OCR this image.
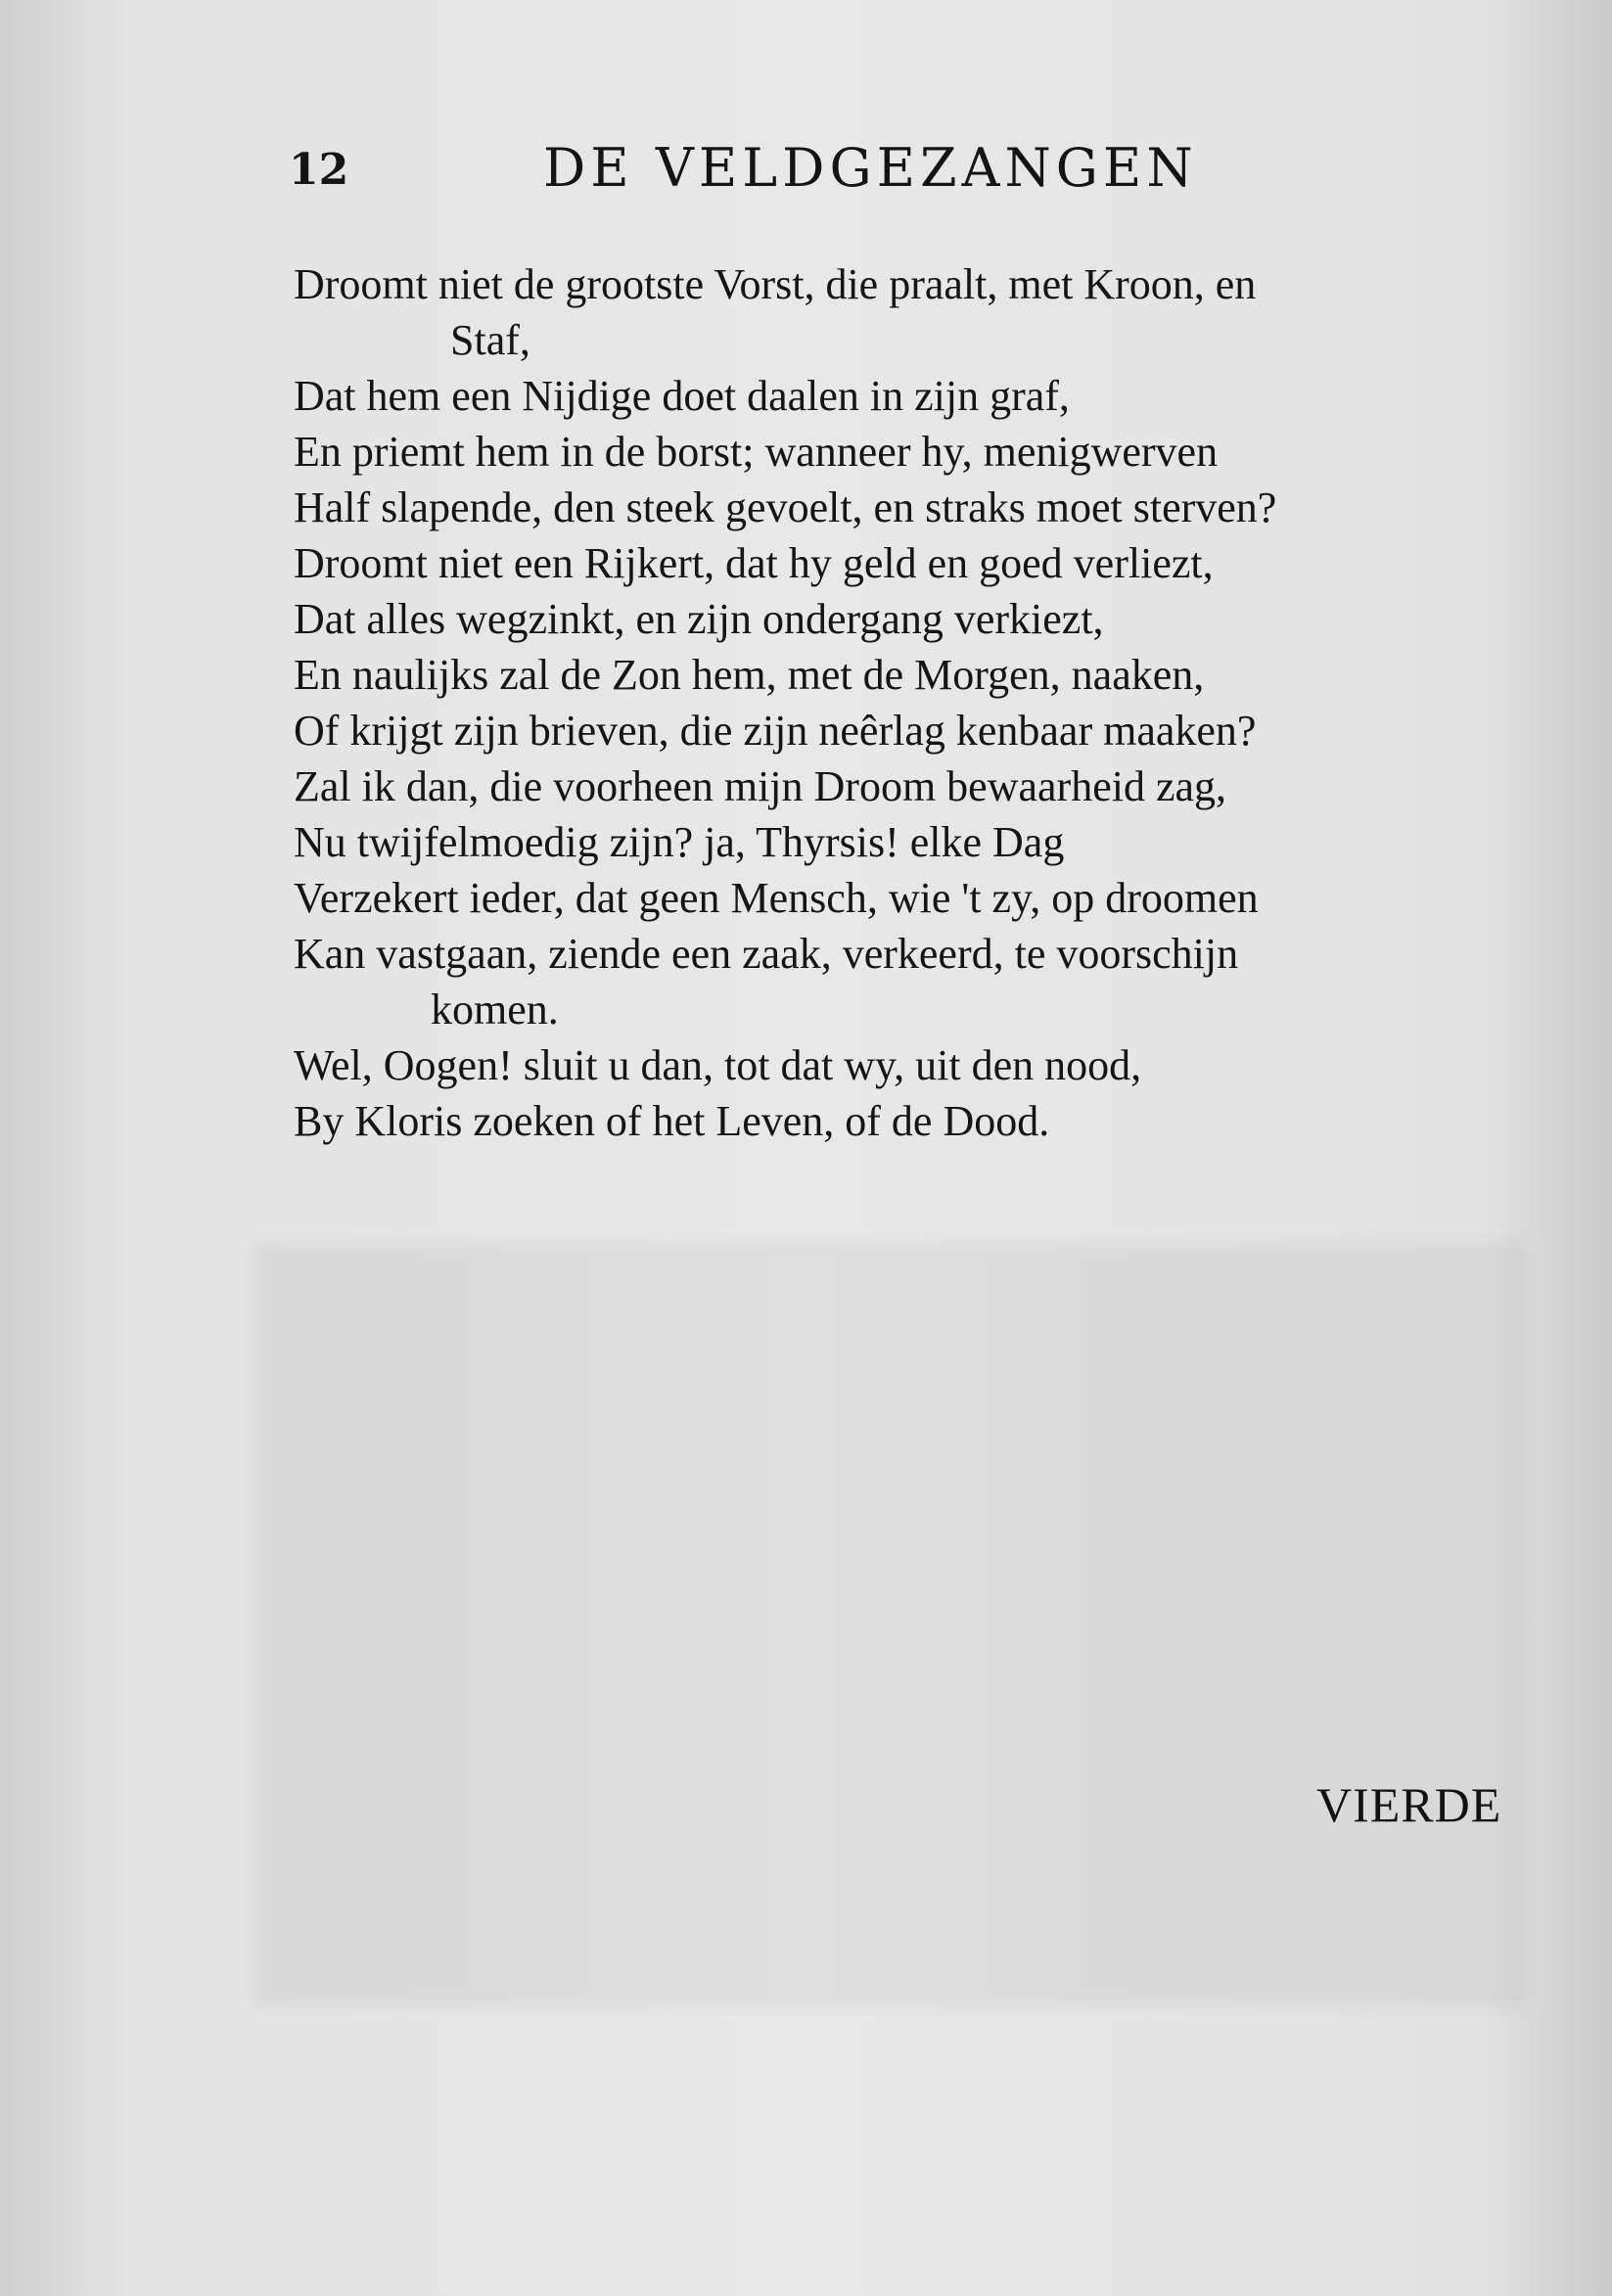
12	DE VELDGEZANGEN
Droomt niet de grootste Vorst, die praalt, met Kroon, en
Staf,
Dat hem een Nijdige doet daalen in zijn graf,
En priemt hem in de borst; wanneer hy, menigwerven
Half slapende, den steek gevoelt, en straks moet sterven?
Droomt niet een Rijkert, dat hy geld en goed verliezt,
Dat alles wegzinkt, en zijn ondergang verkiezt,
En naulijks zal de Zon hem, met de Morgen, naaken,
Of krijgt zijn brieven, die zijn neêrlag kenbaar maaken?
Zal ik dan, die voorheen mijn Droom bewaarheid zag,
Nu twijfelmoedig zijn? ja, Thyrsis! elke Dag
Verzekert ieder, dat geen Mensch, wie 't zy, op droomen
Kan vastgaan, ziende een zaak, verkeerd, te voorschijn
komen.
Wel, Oogen! sluit u dan, tot dat wy, uit den nood,
By Kloris zoeken of het Leven, of de Dood.
VIERDE
